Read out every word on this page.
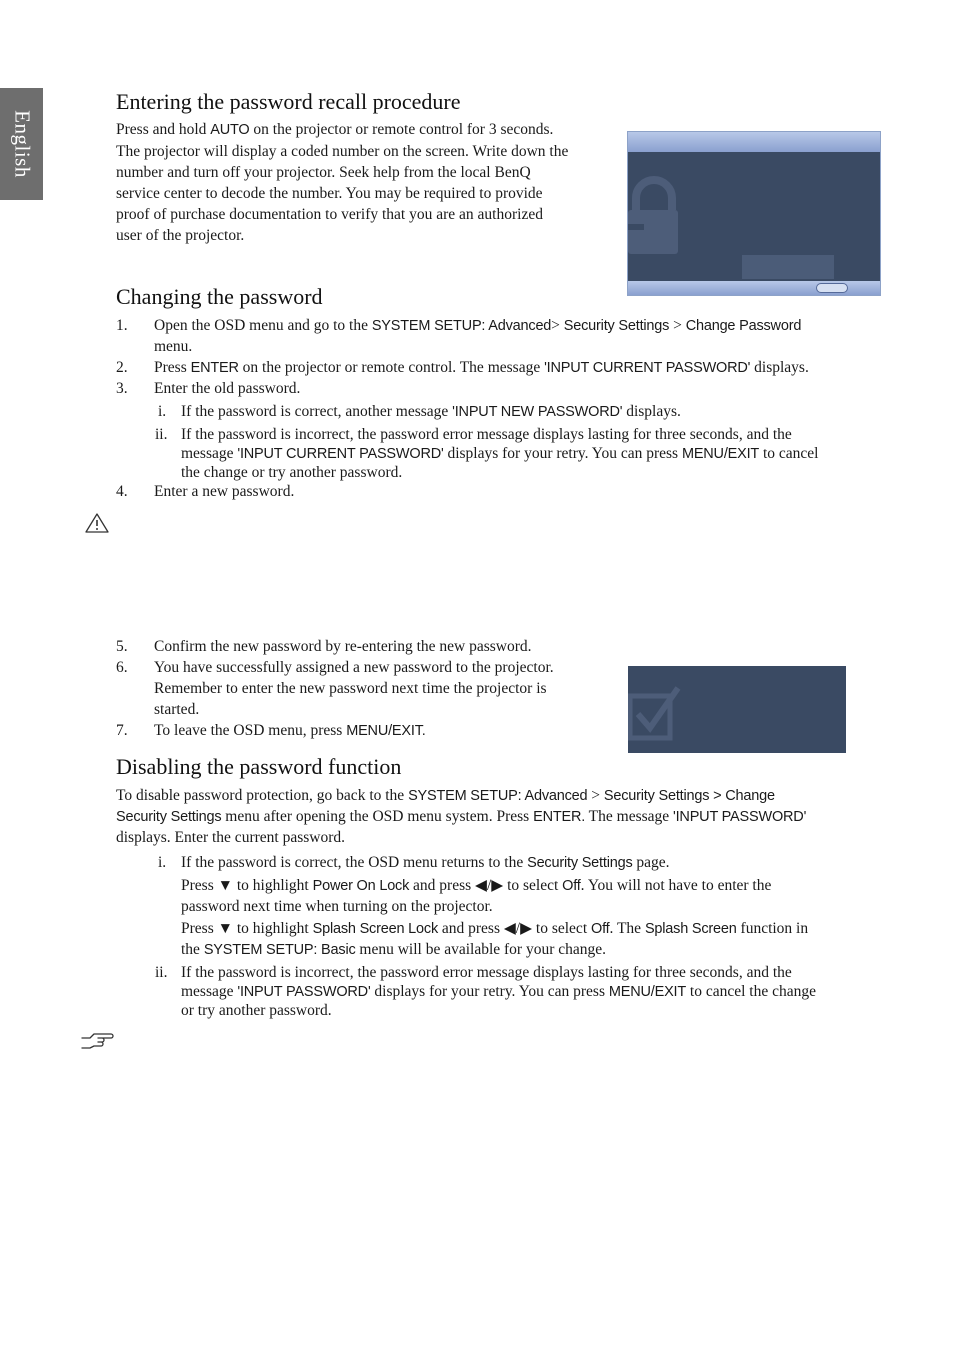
English
Entering the password recall procedure
Press and hold AUTO on the projector or remote control for 3 seconds.
The projector will display a coded number on the screen. Write down the
number and turn off your projector. Seek help from the local BenQ
service center to decode the number. You may be required to provide
proof of purchase documentation to verify that you are an authorized
user of the projector.
Changing the password
1. Open the OSD menu and go to the SYSTEM SETUP: Advanced> Security Settings > Change Password
menu.
2. Press ENTER on the projector or remote control. The message 'INPUT CURRENT PASSWORD' displays.
3. Enter the old password.
i. If the password is correct, another message 'INPUT NEW PASSWORD' displays.
ii. If the password is incorrect, the password error message displays lasting for three seconds, and the
message 'INPUT CURRENT PASSWORD' displays for your retry. You can press MENU/EXIT to cancel
the change or try another password.
4. Enter a new password.
5. Confirm the new password by re-entering the new password.
6. You have successfully assigned a new password to the projector.
Remember to enter the new password next time the projector is
started.
7. To leave the OSD menu, press MENU/EXIT.
Disabling the password function
To disable password protection, go back to the SYSTEM SETUP: Advanced > Security Settings > Change
Security Settings menu after opening the OSD menu system. Press ENTER. The message 'INPUT PASSWORD'
displays. Enter the current password.
i. If the password is correct, the OSD menu returns to the Security Settings page.
Press ▼ to highlight Power On Lock and press ◀/▶ to select Off. You will not have to enter the
password next time when turning on the projector.
Press ▼ to highlight Splash Screen Lock and press ◀/▶ to select Off. The Splash Screen function in
the SYSTEM SETUP: Basic menu will be available for your change.
ii. If the password is incorrect, the password error message displays lasting for three seconds, and the
message 'INPUT PASSWORD' displays for your retry. You can press MENU/EXIT to cancel the change
or try another password.
